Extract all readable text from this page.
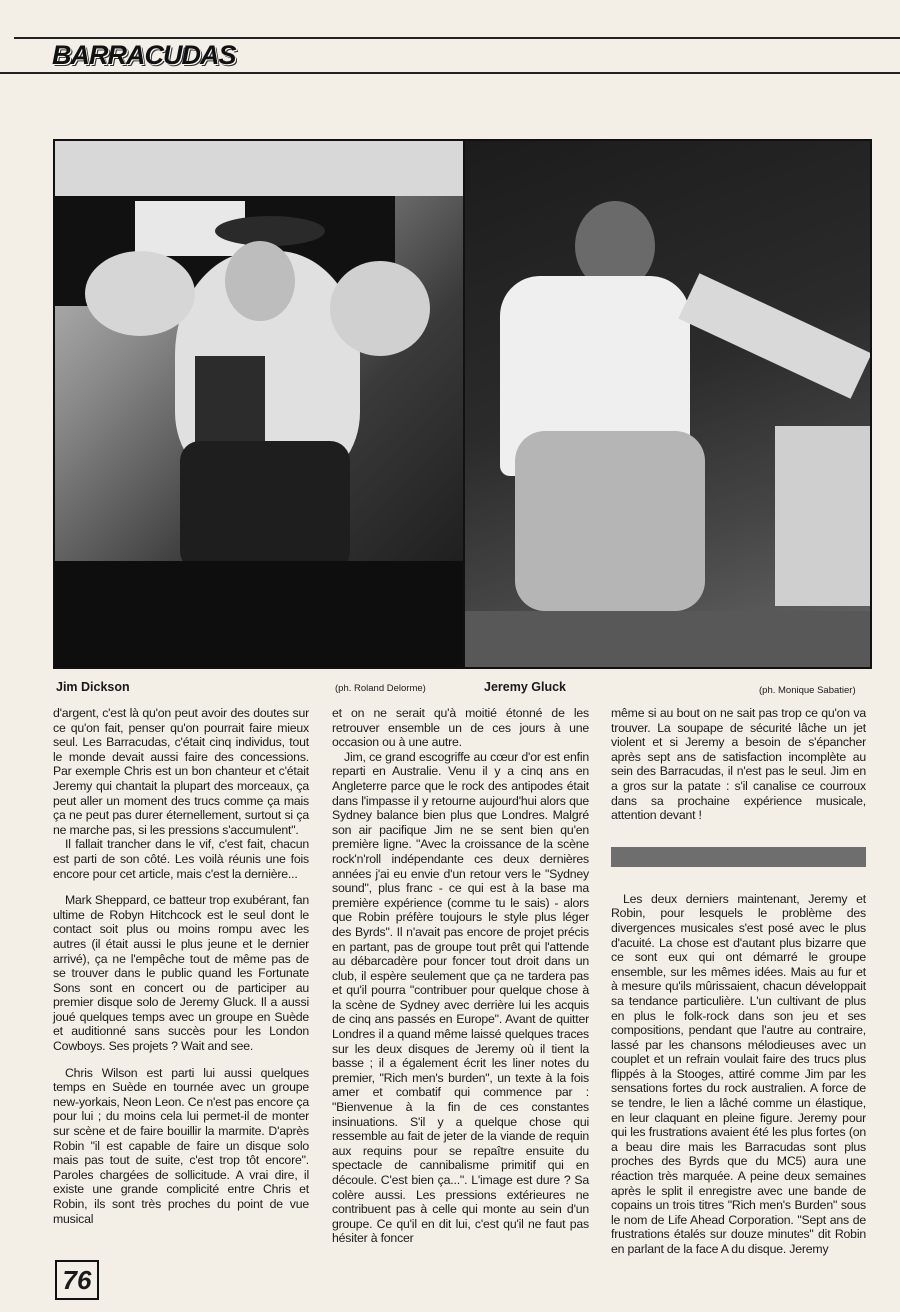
BARRACUDAS
Jim Dickson	(ph. Roland Delorme)	Jeremy Gluck	(ph. Monique Sabatier)

d'argent, c'est là qu'on peut avoir des doutes sur ce qu'on fait, penser qu'on pourrait faire mieux seul. Les Barracudas, c'était cinq individus, tout le monde devait aussi faire des concessions. Par exemple Chris est un bon chanteur et c'était Jeremy qui chantait la plupart des morceaux, ça peut aller un moment des trucs comme ça mais ça ne peut pas durer éternellement, surtout si ça ne marche pas, si les pressions s'accumulent".

Il fallait trancher dans le vif, c'est fait, chacun est parti de son côté. Les voilà réunis une fois encore pour cet article, mais c'est la dernière...

Mark Sheppard, ce batteur trop exubérant, fan ultime de Robyn Hitchcock est le seul dont le contact soit plus ou moins rompu avec les autres (il était aussi le plus jeune et le dernier arrivé), ça ne l'empêche tout de même pas de se trouver dans le public quand les Fortunate Sons sont en concert ou de participer au premier disque solo de Jeremy Gluck. Il a aussi joué quelques temps avec un groupe en Suède et auditionné sans succès pour les London Cowboys. Ses projets ? Wait and see.

Chris Wilson est parti lui aussi quelques temps en Suède en tournée avec un groupe new-yorkais, Neon Leon. Ce n'est pas encore ça pour lui ; du moins cela lui permet-il de monter sur scène et de faire bouillir la marmite. D'après Robin "il est capable de faire un disque solo mais pas tout de suite, c'est trop tôt encore". Paroles chargées de sollicitude. A vrai dire, il existe une grande complicité entre Chris et Robin, ils sont très proches du point de vue musical

et on ne serait qu'à moitié étonné de les retrouver ensemble un de ces jours à une occasion ou à une autre.

Jim, ce grand escogriffe au cœur d'or est enfin reparti en Australie. Venu il y a cinq ans en Angleterre parce que le rock des antipodes était dans l'impasse il y retourne aujourd'hui alors que Sydney balance bien plus que Londres. Malgré son air pacifique Jim ne se sent bien qu'en première ligne. "Avec la croissance de la scène rock'n'roll indépendante ces deux dernières années j'ai eu envie d'un retour vers le "Sydney sound", plus franc - ce qui est à la base ma première expérience (comme tu le sais) - alors que Robin préfère toujours le style plus léger des Byrds". Il n'avait pas encore de projet précis en partant, pas de groupe tout prêt qui l'attende au débarcadère pour foncer tout droit dans un club, il espère seulement que ça ne tardera pas et qu'il pourra "contribuer pour quelque chose à la scène de Sydney avec derrière lui les acquis de cinq ans passés en Europe". Avant de quitter Londres il a quand même laissé quelques traces sur les deux disques de Jeremy où il tient la basse ; il a également écrit les liner notes du premier, "Rich men's burden", un texte à la fois amer et combatif qui commence par : "Bienvenue à la fin de ces constantes insinuations. S'il y a quelque chose qui ressemble au fait de jeter de la viande de requin aux requins pour se repaître ensuite du spectacle de cannibalisme primitif qui en découle. C'est bien ça...". L'image est dure ? Sa colère aussi. Les pressions extérieures ne contribuent pas à celle qui monte au sein d'un groupe. Ce qu'il en dit lui, c'est qu'il ne faut pas hésiter à foncer

même si au bout on ne sait pas trop ce qu'on va trouver. La soupape de sécurité lâche un jet violent et si Jeremy a besoin de s'épancher après sept ans de satisfaction incomplète au sein des Barracudas, il n'est pas le seul. Jim en a gros sur la patate : s'il canalise ce courroux dans sa prochaine expérience musicale, attention devant !

Les deux derniers maintenant, Jeremy et Robin, pour lesquels le problème des divergences musicales s'est posé avec le plus d'acuité. La chose est d'autant plus bizarre que ce sont eux qui ont démarré le groupe ensemble, sur les mêmes idées. Mais au fur et à mesure qu'ils mûrissaient, chacun développait sa tendance particulière. L'un cultivant de plus en plus le folk-rock dans son jeu et ses compositions, pendant que l'autre au contraire, lassé par les chansons mélodieuses avec un couplet et un refrain voulait faire des trucs plus flippés à la Stooges, attiré comme Jim par les sensations fortes du rock australien. A force de se tendre, le lien a lâché comme un élastique, en leur claquant en pleine figure. Jeremy pour qui les frustrations avaient été les plus fortes (on a beau dire mais les Barracudas sont plus proches des Byrds que du MC5) aura une réaction très marquée. A peine deux semaines après le split il enregistre avec une bande de copains un trois titres "Rich men's Burden" sous le nom de Life Ahead Corporation. "Sept ans de frustrations étalés sur douze minutes" dit Robin en parlant de la face A du disque. Jeremy

76
